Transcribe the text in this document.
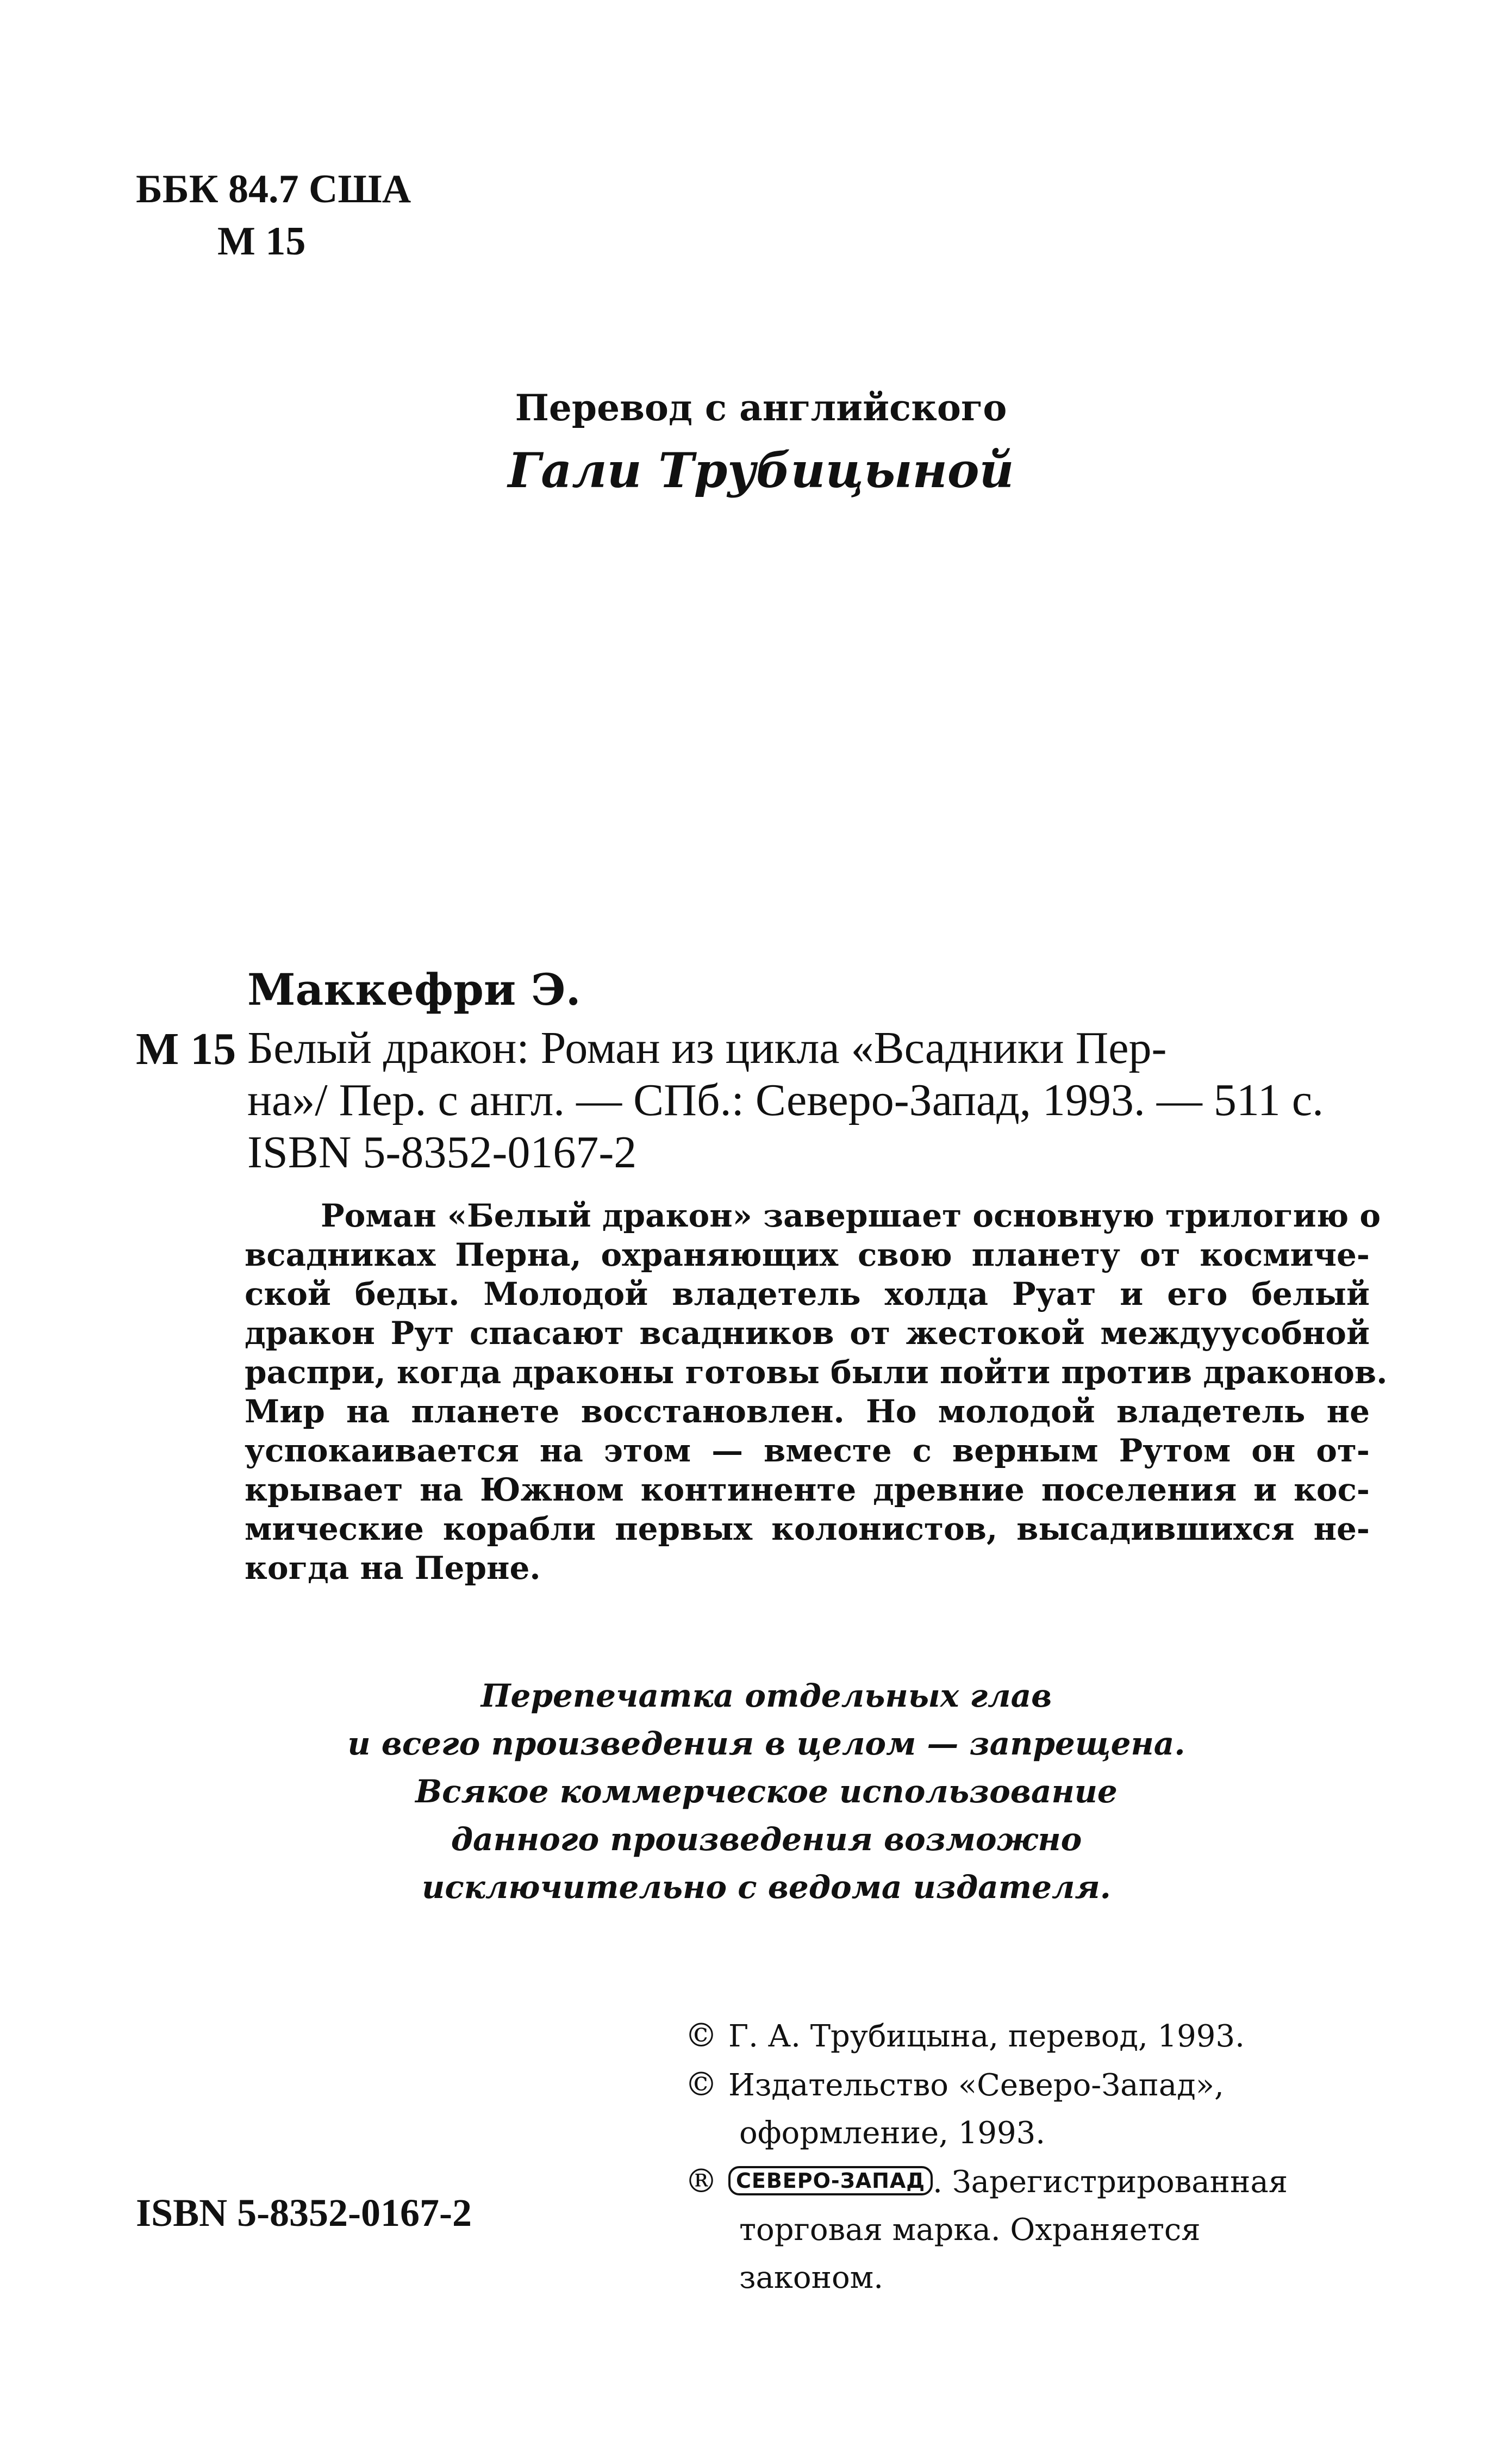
ББК 84.7 США
М 15
Перевод с английского
Гали Трубицыной
Маккефри Э.
М 15 Белый дракон: Роман из цикла «Всадники Пер-
на»/ Пер. с англ. — СПб.: Северо-Запад, 1993. — 511 с.
ISBN 5-8352-0167-2
Роман «Белый дракон» завершает основную трилогию о
всадниках Перна, охраняющих свою планету от космиче-
ской беды. Молодой владетель холда Руат и его белый
дракон Рут спасают всадников от жестокой междуусобной
распри, когда драконы готовы были пойти против драконов.
Мир на планете восстановлен. Но молодой владетель не
успокаивается на этом — вместе с верным Рутом он от-
крывает на Южном континенте древние поселения и кос-
мические корабли первых колонистов, высадившихся не-
когда на Перне.
Перепечатка отдельных глав
и всего произведения в целом — запрещена.
Всякое коммерческое использование
данного произведения возможно
исключительно с ведома издателя.
© Г. А. Трубицына, перевод, 1993.
© Издательство «Северо-Запад»,
оформление, 1993.
® СЕВЕРО-ЗАПАД . Зарегистрированная
торговая марка. Охраняется
законом.
ISBN 5-8352-0167-2
